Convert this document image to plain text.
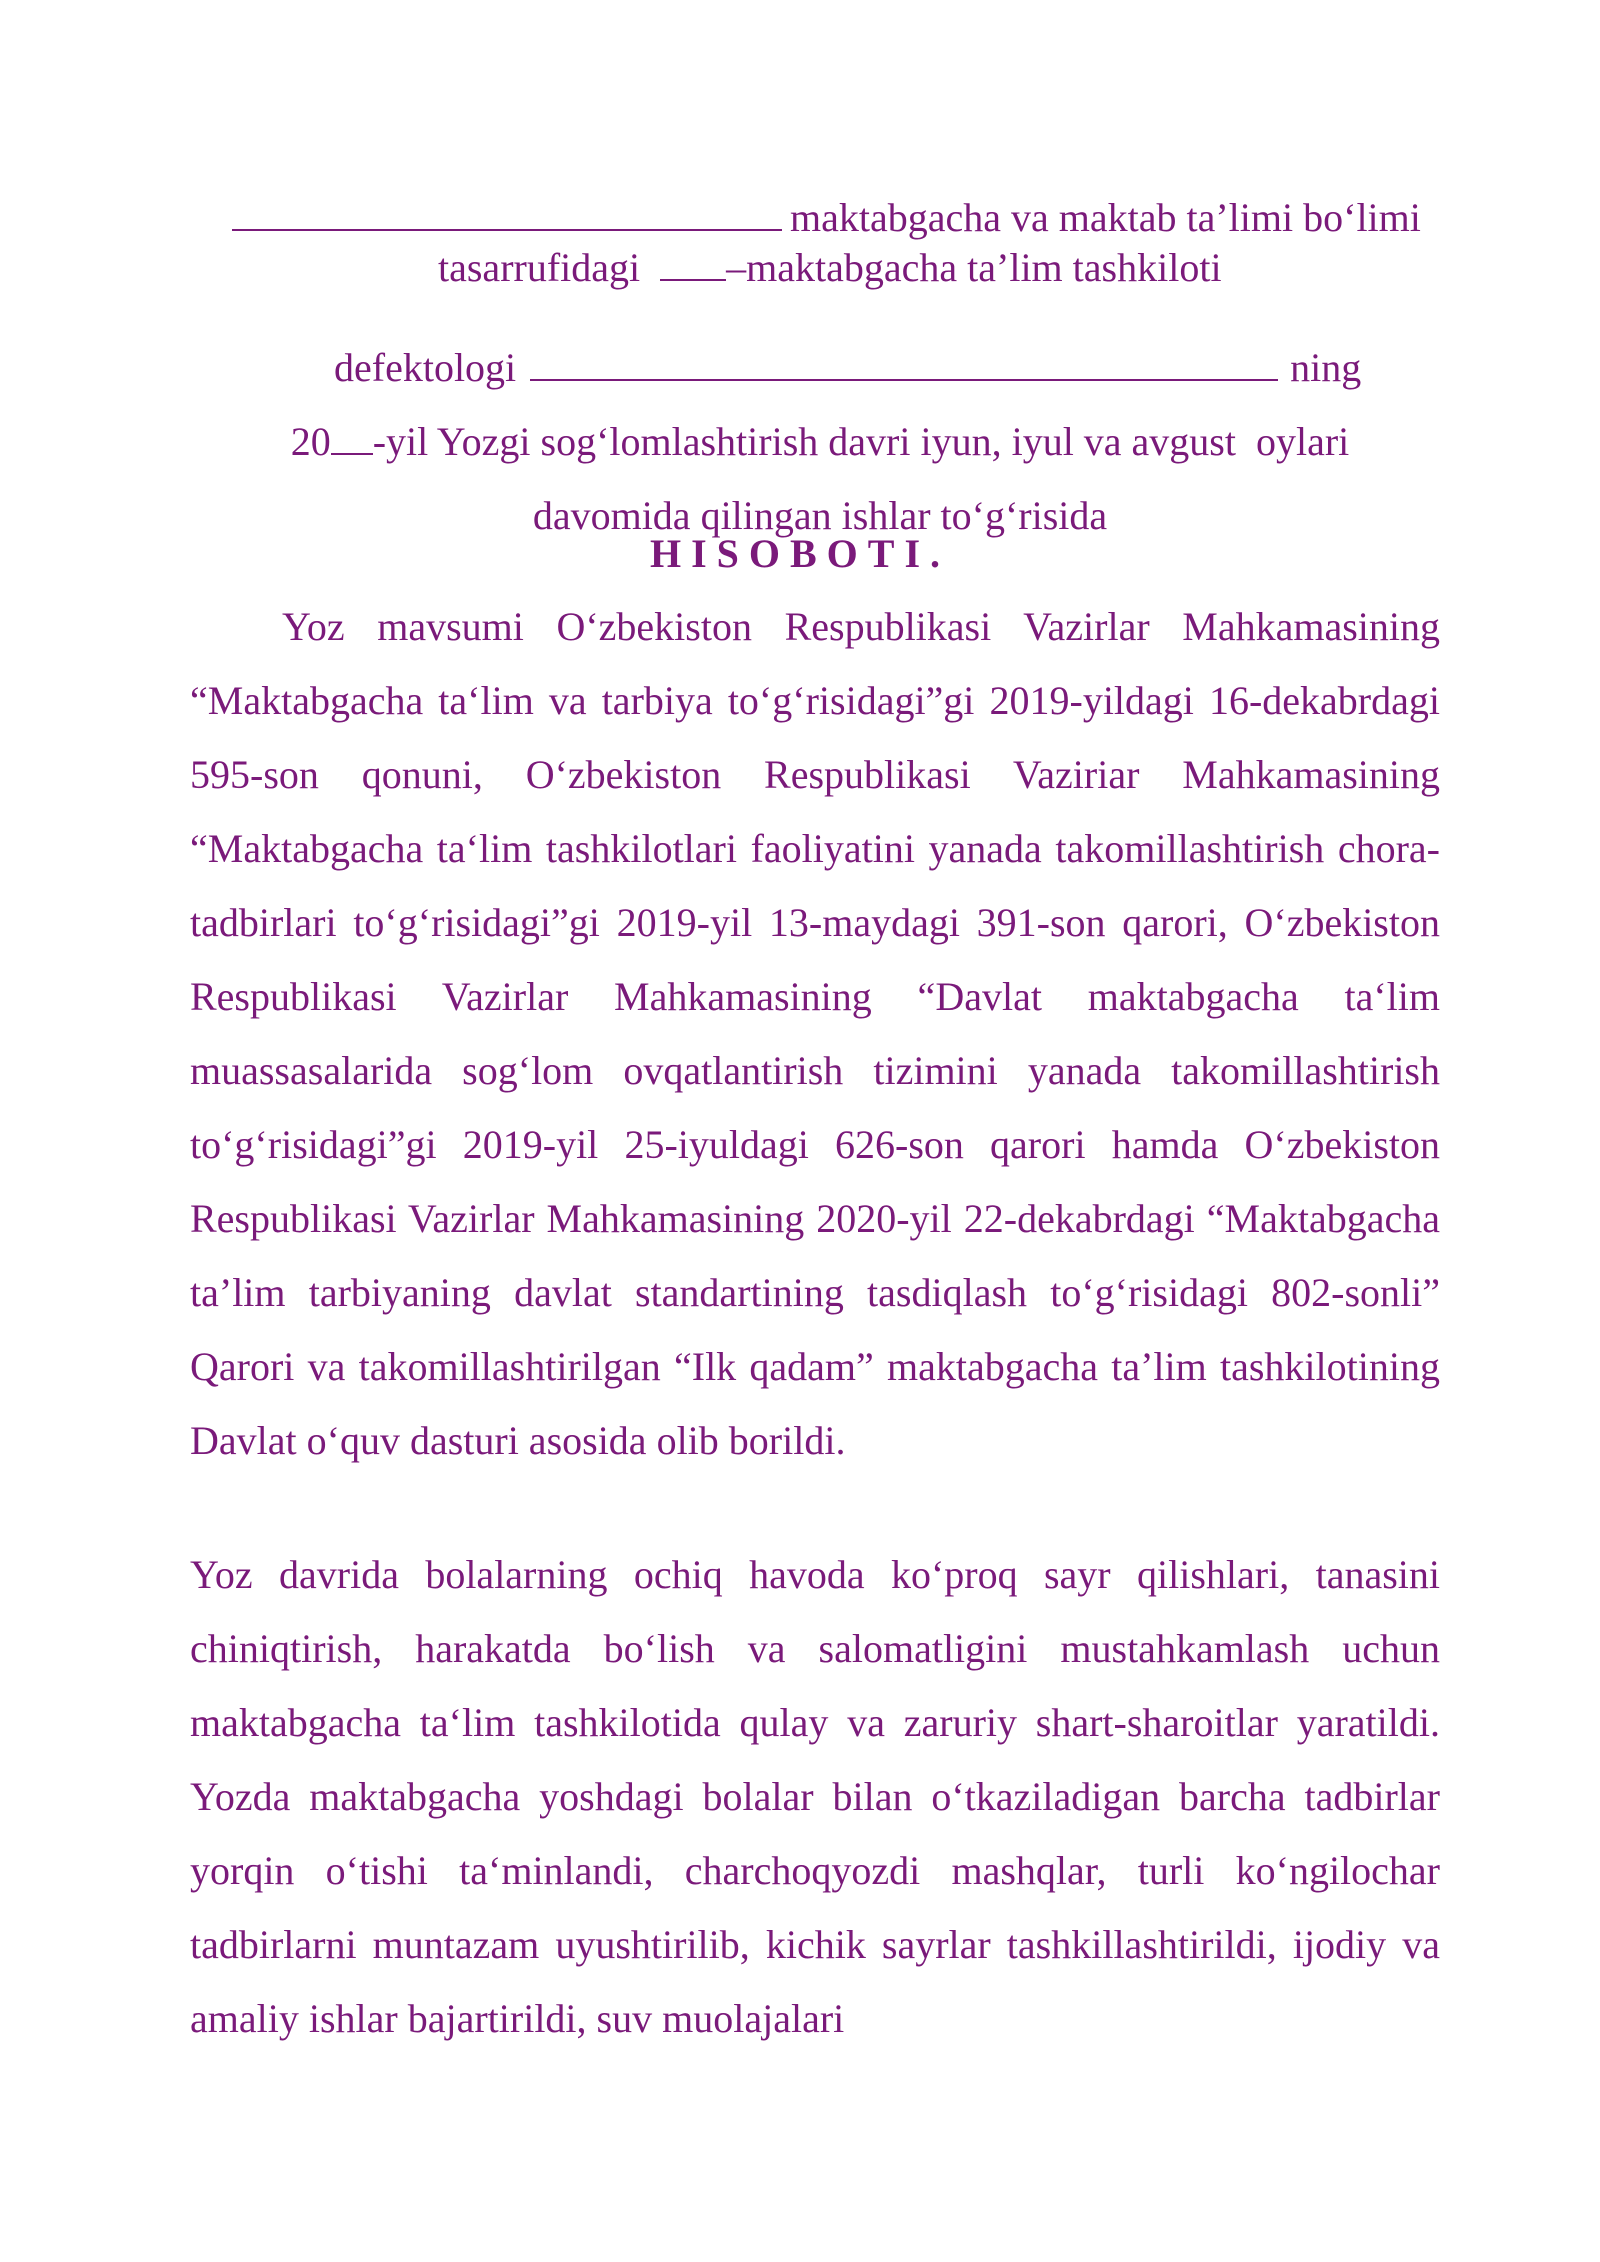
maktabgacha va maktab ta’limi bo‘limi

tasarrufidagi –maktabgacha ta’lim tashkiloti

defektologi	ning

20 -yil Yozgi sog‘lomlashtirish davri iyun, iyul va avgust  oylari

davomida qilingan ishlar to‘g‘risida

HISOBOTI.
Yoz mavsumi O‘zbekiston Respublikasi Vazirlar Mahkamasining “Maktabgacha ta‘lim va tarbiya to‘g‘risidagi”gi 2019-yildagi 16-dekabrdagi 595-son qonuni, O‘zbekiston Respublikasi Vaziriar Mahkamasining “Maktabgacha ta‘lim tashkilotlari faoliyatini yanada takomillashtirish chora-tadbirlari to‘g‘risidagi”gi 2019-yil 13-maydagi 391-son qarori, O‘zbekiston Respublikasi Vazirlar Mahkamasining “Davlat maktabgacha ta‘lim muassasalarida sog‘lom ovqatlantirish tizimini yanada takomillashtirish to‘g‘risidagi”gi 2019-yil 25-iyuldagi 626-son qarori hamda O‘zbekiston Respublikasi Vazirlar Mahkamasining 2020-yil 22-dekabrdagi “Maktabgacha ta’lim tarbiyaning davlat standartining tasdiqlash to‘g‘risidagi 802-sonli” Qarori va takomillashtirilgan “Ilk qadam” maktabgacha ta’lim tashkilotining Davlat o‘quv dasturi asosida olib borildi.
Yoz davrida bolalarning ochiq havoda ko‘proq sayr qilishlari, tanasini chiniqtirish, harakatda bo‘lish va salomatligini mustahkamlash uchun maktabgacha ta‘lim tashkilotida qulay va zaruriy shart-sharoitlar yaratildi. Yozda maktabgacha yoshdagi bolalar bilan o‘tkaziladigan barcha tadbirlar yorqin o‘tishi ta‘minlandi, charchoqyozdi mashqlar, turli ko‘ngilochar tadbirlarni muntazam uyushtirilib, kichik sayrlar tashkillashtirildi, ijodiy va amaliy ishlar bajartirildi, suv muolajalari
